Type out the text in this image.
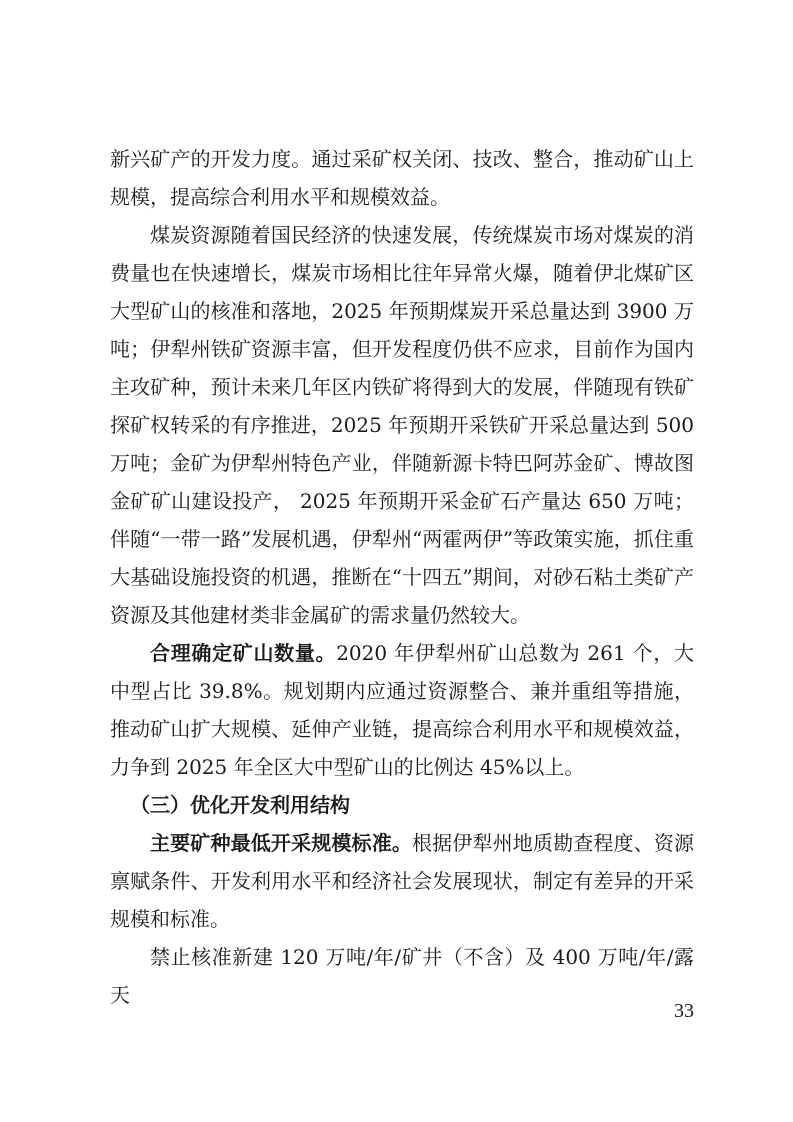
新兴矿产的开发力度。通过采矿权关闭、技改、整合，推动矿山上规模，提高综合利用水平和规模效益。

煤炭资源随着国民经济的快速发展，传统煤炭市场对煤炭的消费量也在快速增长，煤炭市场相比往年异常火爆，随着伊北煤矿区大型矿山的核准和落地，2025 年预期煤炭开采总量达到 3900 万吨；伊犁州铁矿资源丰富，但开发程度仍供不应求，目前作为国内主攻矿种，预计未来几年区内铁矿将得到大的发展，伴随现有铁矿探矿权转采的有序推进，2025 年预期开采铁矿开采总量达到 500 万吨；金矿为伊犁州特色产业，伴随新源卡特巴阿苏金矿、博故图金矿矿山建设投产， 2025 年预期开采金矿石产量达 650 万吨；伴随“一带一路”发展机遇，伊犁州“两霍两伊”等政策实施，抓住重大基础设施投资的机遇，推断在“十四五”期间，对砂石粘土类矿产资源及其他建材类非金属矿的需求量仍然较大。

合理确定矿山数量。2020 年伊犁州矿山总数为 261 个，大中型占比 39.8%。规划期内应通过资源整合、兼并重组等措施，推动矿山扩大规模、延伸产业链，提高综合利用水平和规模效益，力争到 2025 年全区大中型矿山的比例达 45%以上。

（三）优化开发利用结构

主要矿种最低开采规模标准。根据伊犁州地质勘查程度、资源禀赋条件、开发利用水平和经济社会发展现状，制定有差异的开采规模和标准。

禁止核准新建 120 万吨/年/矿井（不含）及 400 万吨/年/露天

33
